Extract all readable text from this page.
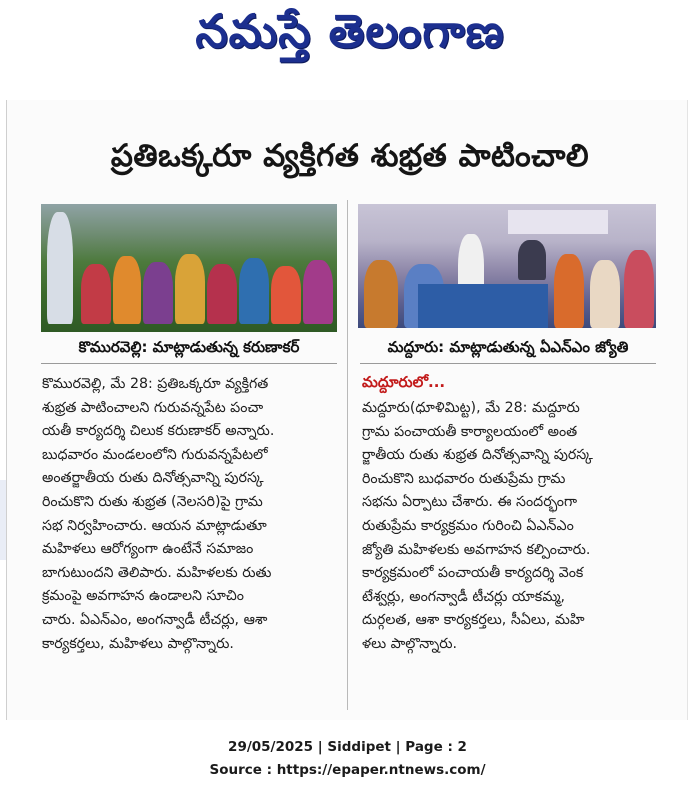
నమస్తే తెలంగాణ
ప్రతిఒక్కరూ వ్యక్తిగత శుభ్రత పాటించాలి
కొమురవెల్లి: మాట్లాడుతున్న కరుణాకర్	మద్దూరు: మాట్లాడుతున్న ఏఎన్ఎం జ్యోతి
కొమురవెల్లి, మే 28: ప్రతిఒక్కరూ వ్యక్తిగత
శుభ్రత పాటించాలని గురువన్నపేట పంచా
యతీ కార్యదర్శి చిలుక కరుణాకర్ అన్నారు.
బుధవారం మండలంలోని గురువన్నపేటలో
అంతర్జాతీయ రుతు దినోత్సవాన్ని పురస్క
రించుకొని రుతు శుభ్రత (నెలసరి)పై గ్రామ
సభ నిర్వహించారు. ఆయన మాట్లాడుతూ
మహిళలు ఆరోగ్యంగా ఉంటేనే సమాజం
బాగుటుందని తెలిపారు. మహిళలకు రుతు
క్రమంపై అవగాహన ఉండాలని సూచిం
చారు. ఏఎన్ఎం, అంగన్వాడీ టీచర్లు, ఆశా
కార్యకర్తలు, మహిళలు పాల్గొన్నారు.
మద్దూరులో...
మద్దూరు(ధూళిమిట్ట), మే 28: మద్దూరు
గ్రామ పంచాయతీ కార్యాలయంలో అంత
ర్జాతీయ రుతు శుభ్రత దినోత్సవాన్ని పురస్క
రించుకొని బుధవారం రుతుప్రేమ గ్రామ
సభను ఏర్పాటు చేశారు. ఈ సందర్భంగా
రుతుప్రేమ కార్యక్రమం గురించి ఏఎన్ఎం
జ్యోతి మహిళలకు అవగాహన కల్పించారు.
కార్యక్రమంలో పంచాయతీ కార్యదర్శి వెంక
టేశ్వర్లు, అంగన్వాడీ టీచర్లు యాకమ్మ,
దుర్గలత, ఆశా కార్యకర్తలు, సీఏలు, మహి
ళలు పాల్గొన్నారు.
29/05/2025 | Siddipet | Page : 2
Source : https://epaper.ntnews.com/
